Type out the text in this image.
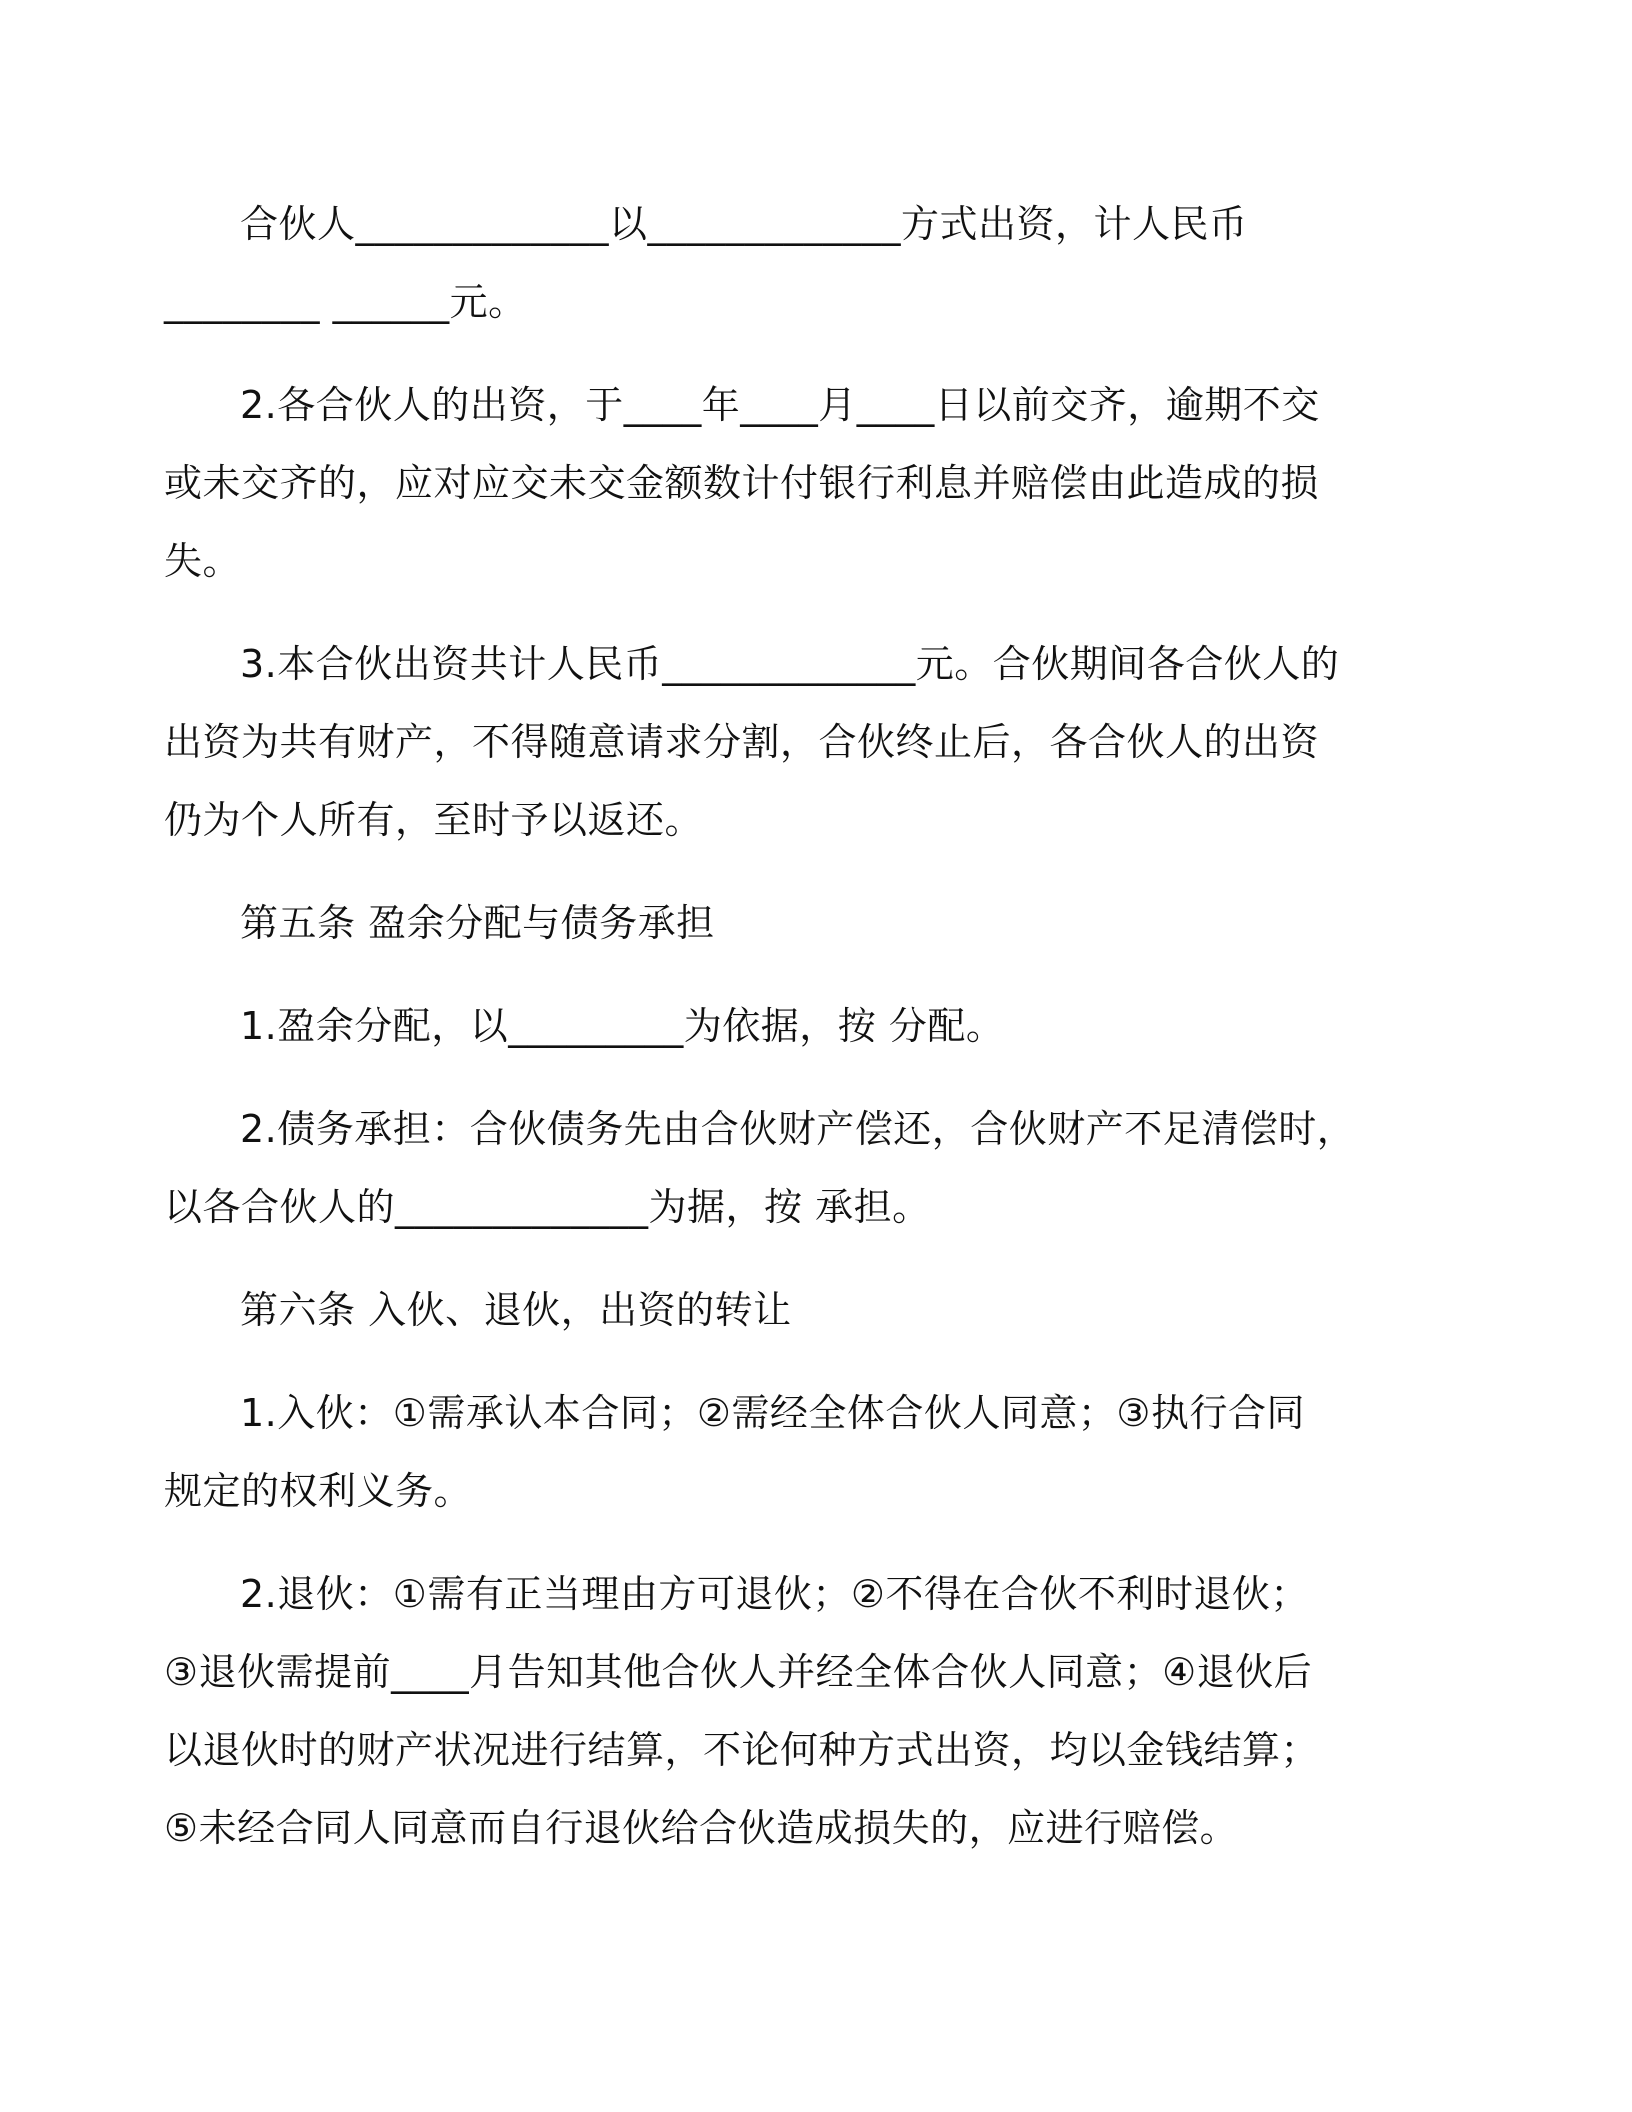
合伙人_____________以_____________方式出资，计人民币
________ ______元。

2.各合伙人的出资，于____年____月____日以前交齐，逾期不交
或未交齐的，应对应交未交金额数计付银行利息并赔偿由此造成的损
失。

3.本合伙出资共计人民币_____________元。合伙期间各合伙人的
出资为共有财产，不得随意请求分割，合伙终止后，各合伙人的出资
仍为个人所有，至时予以返还。

第五条 盈余分配与债务承担

1.盈余分配，以_________为依据，按 分配。

2.债务承担：合伙债务先由合伙财产偿还，合伙财产不足清偿时，
以各合伙人的_____________为据，按 承担。

第六条 入伙、退伙，出资的转让

1.入伙：①需承认本合同；②需经全体合伙人同意；③执行合同
规定的权利义务。

2.退伙：①需有正当理由方可退伙；②不得在合伙不利时退伙；
③退伙需提前____月告知其他合伙人并经全体合伙人同意；④退伙后
以退伙时的财产状况进行结算，不论何种方式出资，均以金钱结算；
⑤未经合同人同意而自行退伙给合伙造成损失的，应进行赔偿。
